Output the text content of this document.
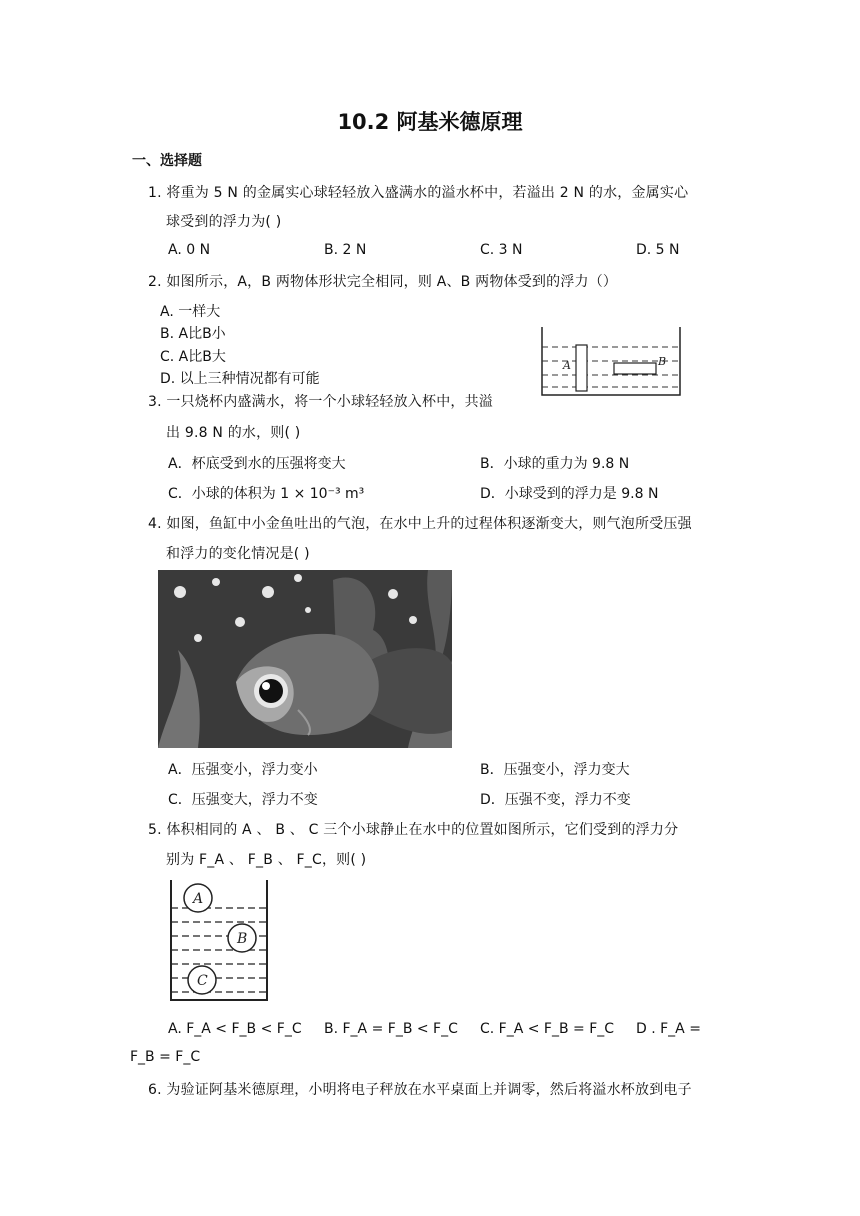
10.2 阿基米德原理
一、选择题
1. 将重为 5 N 的金属实心球轻轻放入盛满水的溢水杯中，若溢出 2 N 的水，金属实心
球受到的浮力为( )
A. 0 N	B. 2 N	C. 3 N	D. 5 N
2. 如图所示，A，B 两物体形状完全相同，则 A、B 两物体受到的浮力（）
A. 一样大
B. A比B小
C. A比B大
D. 以上三种情况都有可能
A	B
3. 一只烧杯内盛满水，将一个小球轻轻放入杯中，共溢
出 9.8 N 的水，则( )
A．杯底受到水的压强将变大	B．小球的重力为 9.8 N
C．小球的体积为 1 × 10⁻³ m³	D．小球受到的浮力是 9.8 N
4. 如图，鱼缸中小金鱼吐出的气泡，在水中上升的过程体积逐渐变大，则气泡所受压强
和浮力的变化情况是( )
A．压强变小，浮力变小	B．压强变小，浮力变大
C．压强变大，浮力不变	D．压强不变，浮力不变
5. 体积相同的 A 、 B 、 C 三个小球静止在水中的位置如图所示，它们受到的浮力分
别为 F_A 、 F_B 、 F_C，则( )
A
B
C
A. F_A < F_B < F_C B. F_A = F_B < F_C C. F_A < F_B = F_C D . F_A =
F_B = F_C
6. 为验证阿基米德原理，小明将电子秤放在水平桌面上并调零，然后将溢水杯放到电子
